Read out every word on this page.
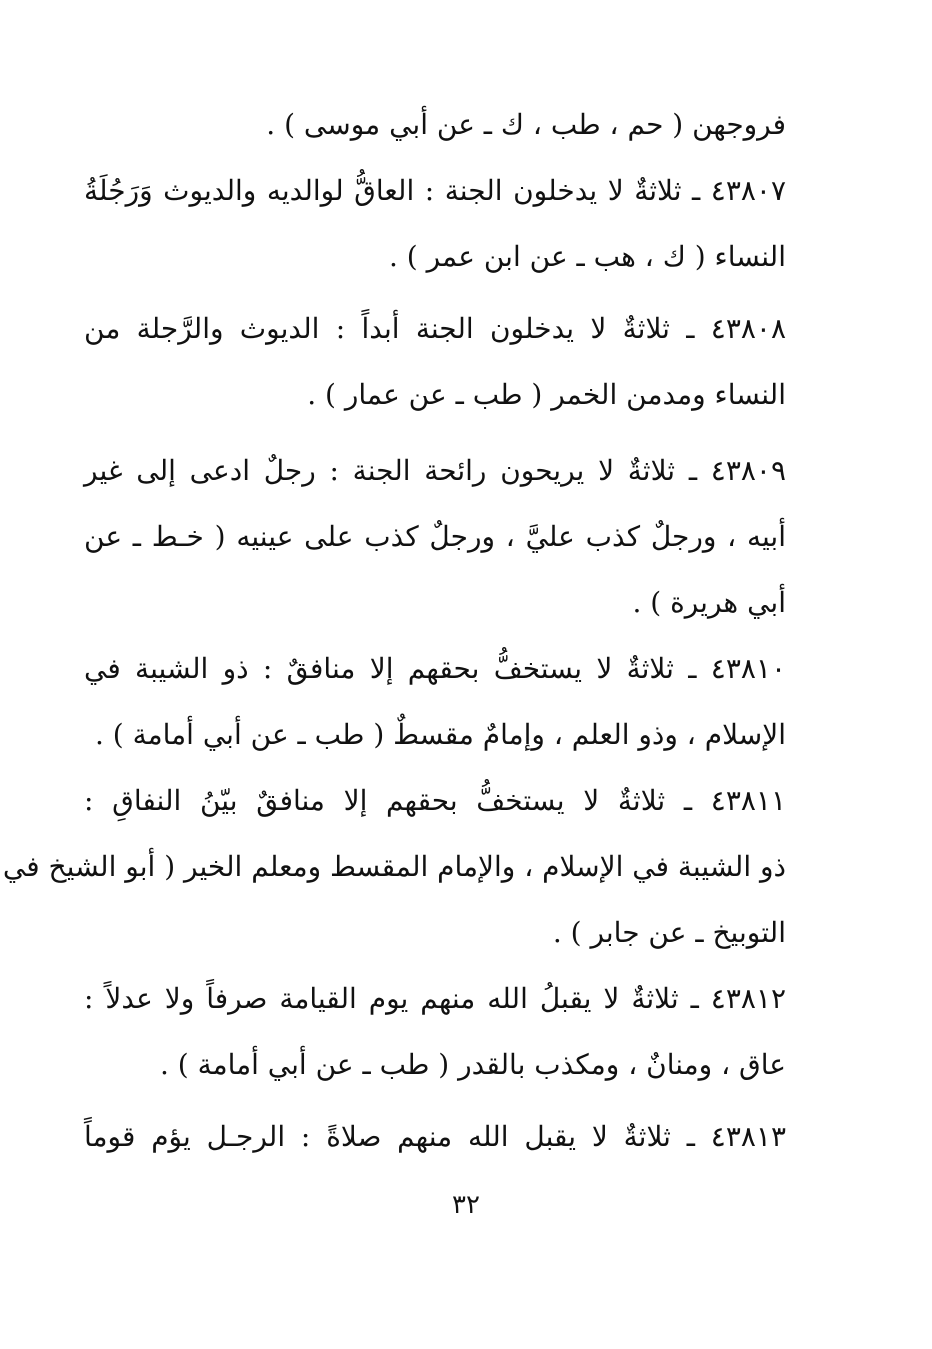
فروجهن ( حم ، طب ، ك ـ عن أبي موسى ) .
٤٣٨٠٧ ـ ثلاثةٌ لا يدخلون الجنة : العاقُّ لوالديه والديوث وَرَجُلَةُ
النساء ( ك ، هب ـ عن ابن عمر ) .
٤٣٨٠٨ ـ ثلاثةٌ لا يدخلون الجنة أبداً : الديوث والرَّجلة من
النساء ومدمن الخمر ( طب ـ عن عمار ) .
٤٣٨٠٩ ـ ثلاثةٌ لا يريحون رائحة الجنة : رجلٌ ادعى إلى غير
أبيه ، ورجلٌ كذب عليَّ ، ورجلٌ كذب على عينيه ( خـط ـ عن
أبي هريرة ) .
٤٣٨١٠ ـ ثلاثةٌ لا يستخفُّ بحقهم إلا منافقٌ : ذو الشيبة في
الإسلام ، وذو العلم ، وإمامٌ مقسطٌ ( طب ـ عن أبي أمامة ) .
٤٣٨١١ ـ ثلاثةٌ لا يستخفُّ بحقهم إلا منافقٌ بيّنُ النفاقِ :
ذو الشيبة في الإسلام ، والإمام المقسط ومعلم الخير ( أبو الشيخ في
التوبيخ ـ عن جابر ) .
٤٣٨١٢ ـ ثلاثةٌ لا يقبلُ الله منهم يوم القيامة صرفاً ولا عدلاً :
عاق ، ومنانٌ ، ومكذب بالقدر ( طب ـ عن أبي أمامة ) .
٤٣٨١٣ ـ ثلاثةٌ لا يقبل الله منهم صلاةً : الرجـل يؤم قوماً
٣٢
